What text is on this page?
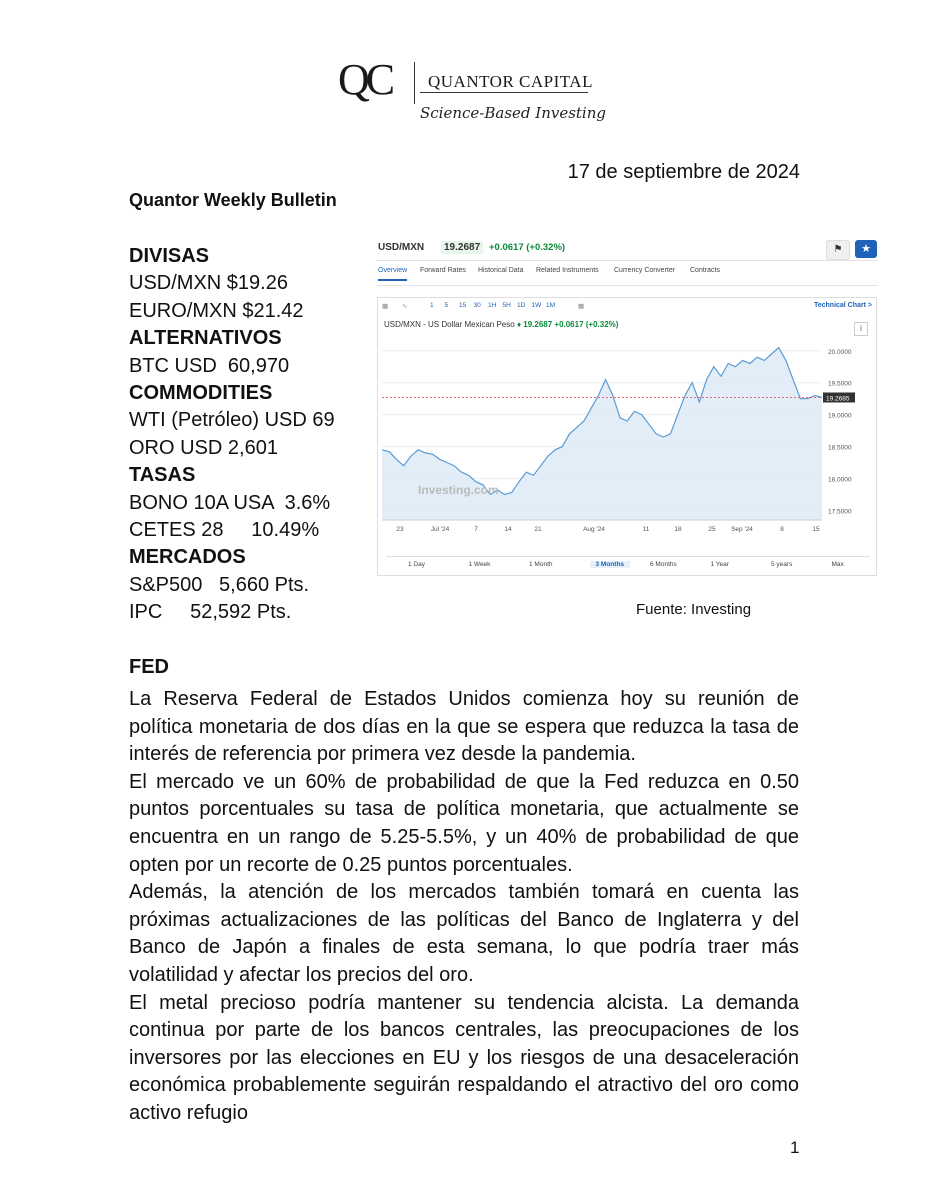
QC QUANTOR CAPITAL
Science-Based Investing
17 de septiembre de 2024
Quantor Weekly Bulletin
DIVISAS
USD/MXN $19.26
EURO/MXN $21.42
ALTERNATIVOS
BTC USD  60,970
COMMODITIES
WTI (Petróleo) USD 69
ORO USD 2,601
TASAS
BONO 10A USA  3.6%
CETES 28     10.49%
MERCADOS
S&P500   5,660 Pts.
IPC     52,592 Pts.
USD/MXN	19.2687 +0.0617 (+0.32%)	⚑	★
Overview Forward Rates Historical Data Related Instruments Currency Converter Contracts
▩ ∿	1 5 15 30 1H 5H 1D 1W 1M	▦	Technical Chart >
USD/MXN - US Dollar Mexican Peso ♦ 19.2687 +0.0617 (+0.32%)	i
17.5000
18.0000
18.5000
19.0000
19.5000
20.0000
19.2685
Investing.com
23	Jul '24	7	14	21	Aug '24	11	18	25 Sep '24	8	15
1 Day	1 Week	1 Month	3 Months	6 Months	1 Year	5 years	Max
Fuente: Investing
FED

La Reserva Federal de Estados Unidos comienza hoy su reunión de política monetaria de dos días en la que se espera que reduzca la tasa de interés de referencia por primera vez desde la pandemia.

El mercado ve un 60% de probabilidad de que la Fed reduzca en 0.50 puntos porcentuales su tasa de política monetaria, que actualmente se encuentra en un rango de 5.25-5.5%, y un 40% de probabilidad de que opten por un recorte de 0.25 puntos porcentuales.

Además, la atención de los mercados también tomará en cuenta las próximas actualizaciones de las políticas del Banco de Inglaterra y del Banco de Japón a finales de esta semana, lo que podría traer más volatilidad y afectar los precios del oro.

El metal precioso podría mantener su tendencia alcista. La demanda continua por parte de los bancos centrales, las preocupaciones de los inversores por las elecciones en EU y los riesgos de una desaceleración económica probablemente seguirán respaldando el atractivo del oro como activo refugio

1
